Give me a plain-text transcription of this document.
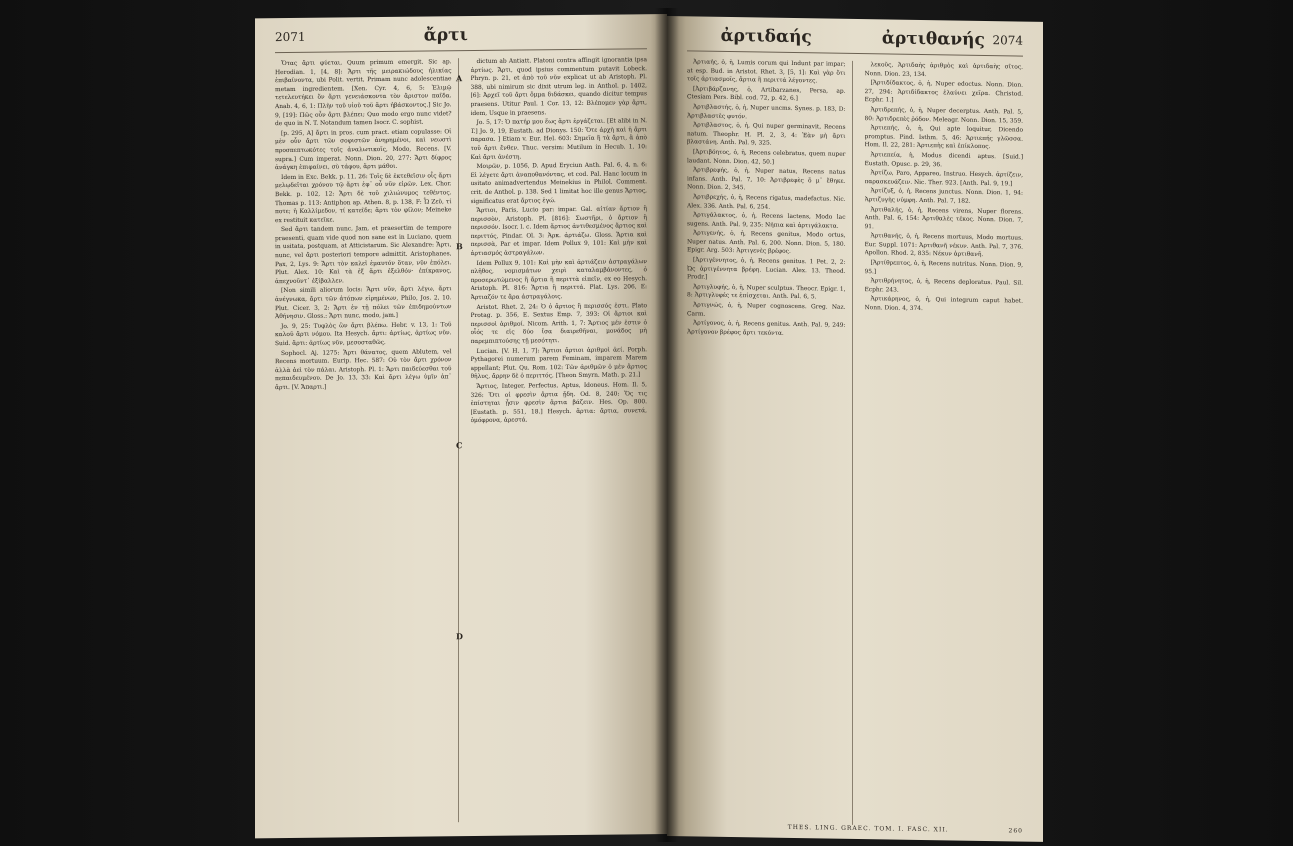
2071	ἄρτι

Ὅτας ἄρτι φύεται, Quum primum emergit. Sic ap. Herodian. 1, [4, 8]: Ἄρτι τῆς μειρακιώδους ἡλικίας ἐπιβαίνοντα, ubi Polit. vertit, Primam nunc adolescentiae metam ingredientem. [Xen. Cyr. 4, 6, 5: Ἐλιμῷ τετελευτήκει ὅν ἄρτι γενειάσκοντα τὸν ἄριστον παῖδα. Anab. 4, 6, 1: Πλὴν τοῦ υἱοῦ τοῦ ἄρτι ἡβάσκοντος.] Sic Jo. 9, [19]: Πῶς οὖν ἄρτι βλέπει; Quo modo ergo nunc videt? de quo in N. T. Notandum tamen Isocr. C. sophist.

[p. 295, A] ἄρτι in pros. cum pract. etiam copulasse: Οἱ μὲν οὖν ἄρτι τῶν σοφιστῶν ἀνηρημένοι, καὶ νεωστὶ προσπεπτωκότες τοῖς ἀναλωτικοῖς, Modo, Recens. [V. supra.] Cum imperat. Nonn. Dion. 20, 277: Ἄρτι δίφρος ἀνάγκη ἐπιφαίνει, σὺ τάφου, ἄρτι μάθοι.

Idem in Exc. Bekk. p. 11, 26: Τοῖς δὲ ἐκτεθεῖσιν οἷς ἄρτι μελῳδεῖται χρόνου τῷ ἄρτι ἐφ᾽ οὗ νῦν εἰρῶν. Lex. Chor. Bekk. p. 102, 12: Ἄρτι δὲ τοῦ χιλιώνυμος τεθέντος. Thomas p. 113: Antiphon ap. Athen. 8, p. 138, F: Ὦ Ζεῦ, τί ποτε; ἡ Καλλίμεδον, τί κατεῖδε; ἄρτι τὸν φίλον; Meineke ex restituit κατεῖκε.

Sed ἄρτι tandem nunc, Jam, et praesertim de tempore praesenti, quam vide quod non sane est in Luciano, quem in usitata, postquam, at Atticistarum. Sic Alexandre: Ἄρτι, nunc, vel ἄρτι posteriori tempore admittit. Aristophanes, Pax, 2, Lys. 9: Ἄρτι τὸν καλεῖ ἐμαυτόν ὅταν, νῦν ἐπόλει. Plut. Alex. 10: Καὶ τὰ ἐξ ἄρτι ἐξελθόν· ἐπίκρανος, ἀπεχνοῦντ᾽ ἐξίβαλλεν.

[Non simili aliorum locis: Ἄρτι νῦν, ἄρτι λέγω, ἄρτι ἀνέγνωκα, ἄρτι τῶν ἀτόπων εἰρημένων, Philo, Jos. 2, 10. Plut. Cicer. 3, 2: Ἄρτι ἐν τῇ πόλει τῶν ἐπιδημούντων Ἀθήνησιν. Gloss.: Ἄρτι nunc, modo, jam.]

Jo. 9, 25: Τυφλὸς ὢν ἄρτι βλέπω. Hebr. v. 13, 1: Τοῦ καλοῦ ἄρτι νόμου. Ita Hesych. ἄρτι: ἀρτίως, ἀρτίως νῦν. Suid. ἄρτι: ἀρτίως νῦν, μεσοσταθῶς.

Sophocl. Aj. 1275: Ἄρτι θάνατος, quem Ablutem, vel Recens mortuum. Eurip. Hec. 587: Οὐ τὸν ἄρτι χρόνον ἀλλὰ ἀεὶ τὸν πάλαι. Aristoph. Pl. 1: Ἄρτι παιδεύεσθαι τοῦ πεπαιδευμένου. De Jo. 13, 33: Καὶ ἄρτι λέγω ὑμῖν ἀπ᾽ ἄρτι. [V. Ἄπαρτι.]

dictum ab Antiatt. Platoni contra affingit ignorantia ipsa ἀρτίως. Ἄρτι, quod ipsius commentum putavit Lobeck. Phryn. p. 21, et ἀπὸ τοῦ νῦν explicat ut ab Aristoph. Pl. 388, ubi nimirum sic dixit utrum leg. in Anthol. p. 1402, [6]: Ἀρχεῖ τοῦ ἄρτι ὅμμα διδάσκει, quando dicitur tempus praesens. Utitur Paul. 1 Cor. 13, 12: Βλέπομεν γὰρ ἄρτι, idem, Usque in praesens.

Jo. 5, 17: Ὁ πατήρ μου ἕως ἄρτι ἐργάζεται. [Et alibi in N. T.] Jo. 9, 19, Eustath. ad Dionys. 150: Ὅτε ἀρχὴ καὶ ἡ ἄρτι παρασα. ] Etiam v. Eur. Hel. 603: Σημεῖα ἢ τὰ ἄρτι, ἃ ἀπὸ τοῦ ἄρτι ἔνθεν. Thuc. versim: Mutilum in Hecub. 1, 10: Καὶ ἄρτι ἀνέστη.

Μοιρῶν, p. 1056, D. Apud Eryciun Anth. Pal. 6, 4, n. 6: Εἰ λέγετε ἄρτι ἀναποθανόντας, et cod. Pal. Hanc locum in usitato animadvertendus Meinekius in Philol. Comment. crit. de Anthol. p. 138. Sed 1 limitat hoc ille genus Ἄρτιος, significatus erat ἄρτιος ἐγώ.

Ἄρτιοι, Paris, Lucio par: impar. Gal. αἰτίαν ἄρτιον ἢ περισσὸν, Aristoph. Pl. [816]: Σωστῆρι, ὁ ἄρτιον ἢ περισσόν. Isocr. l. c. Idem ἄρτιος ἀντιθεσμένος ἄρτιος καὶ περιττός, Pindar. Ol. 3: Ἀρκ. ἀρτιάζω. Gloss. Ἄρτια καὶ περισσὰ, Par et impar. Idem Pollux 9, 101: Καὶ μὴν καὶ ἀρτιασμός ἀστραγάλων.

Idem Pollux 9, 101: Καὶ μὴν καὶ ἀρτιάζειν ἀστραγάλων πλῆθος, νομισμάτων χειρὶ καταλαμβάνοντες, ὁ προσερωτώμενος ἢ ἄρτια ἢ περιττὰ εἰπεῖν, ex eo Hesych. Aristoph. Pl. 816: Ἄρτια ἢ περιττά. Plat. Lys. 206, E: Ἄρτιαζόν τε ἄρα ἀστραγάλοις.

Aristot. Rhet. 2, 24: Ὁ ὁ ἄρτιος ἢ περισσός ἐστι. Plato Protag. p. 356, E. Sextus Emp. 7, 393: Οἱ ἄρτιοι καὶ περισσοὶ ἀριθμοί. Nicom. Arith. 1, 7: Ἄρτιος μέν ἐστιν ὁ οἷός τε εἰς δύο ἴσα διαιρεθῆναι, μονάδος μὴ παρεμπιπτούσης τῇ μεσότητι.

Lucian. [V. H. 1, 7]: Ἄρτιοι ἄρτιοι ἀριθμοὶ ἀεί. Porph. Pythagorei numerum parem Feminam, imparem Marem appellant; Plut. Qu. Rom. 102: Τῶν ἀριθμῶν ὁ μὲν ἄρτιος θῆλυς, ἄρρην δὲ ὁ περιττός. [Theon Smyrn. Math. p. 21.]

Ἄρτιος, Integer, Perfectus, Aptus, Idoneus. Hom. Il. 5, 326: Ὅτι οἱ φρεσὶν ἄρτια ᾔδη. Od. 8, 240: Ὅς τις ἐπίστηται ᾗσιν φρεσὶν ἄρτια βάζειν. Hes. Op. 800. [Eustath. p. 551, 18.] Hesych. ἄρτια: ἄρτια, συνετά, ὁμόφρονα, ἀρεστά.

A
B
C
D
ἀρτιδαής	ἀρτιθανής 2074

Ἀρτιαής, ὁ, ἡ, Lumis corum qui Indunt par impar; at esp. Bud. in Aristot. Rhet. 3, [5, 1]: Καὶ γὰρ ὅτι τοῖς ἀρτιασμοῖς, ἄρτια ἢ περιττά λέγοντες.

[Ἀρτιβάρζανης, ὁ, Artibarzanes, Persa, ap. Ctesiam Pers. Bibl. cod. 72, p. 42, 6.]

Ἀρτιβλαστής, ὁ, ἡ, Nuper uncms. Synes. p. 183, D: Ἀρτιβλαστὲς φυτόν.

Ἀρτιβλαστος, ὁ, ἡ, Qui nuper germinavit, Recens natum. Theophr. H. Pl. 2, 3, 4: Ἐὰν μὴ ἄρτι βλαστάνη. Anth. Pal. 9, 325.

[Ἀρτιβόητος, ὁ, ἡ, Recens celebratus, quem nuper laudant. Nonn. Dion. 42, 50.]

Ἀρτιβρεφής, ὁ, ἡ, Nuper natus, Recens natus infans. Anth. Pal. 7, 10: Ἀρτιβρεφὲς ὅ μ᾽ ἔθηκε. Nonn. Dion. 2, 345.

Ἀρτιβρεχής, ὁ, ἡ, Recens rigatus, madefactus. Nic. Alex. 336. Anth. Pal. 6, 254.

Ἀρτιγάλακτος, ὁ, ἡ, Recens lactens, Modo lac sugens. Anth. Pal. 9, 235: Νήπια καὶ ἀρτιγάλακτα.

Ἀρτιγενής, ὁ, ἡ, Recens genitus, Modo ortus, Nuper natus. Anth. Pal. 6, 200. Nonn. Dion. 5, 180. Epigr. Arg. 503: Ἀρτιγενὲς βρέφος.

[Ἀρτιγέννητος, ὁ, ἡ, Recens genitus. 1 Pet. 2, 2: Ὡς ἀρτιγέννητα βρέφη. Lucian. Alex. 13. Theod. Prodr.]

Ἀρτιγλυφής, ὁ, ἡ, Nuper sculptus. Theocr. Epigr. 1, 8: Ἀρτιγλυφές τε ἐπίσχεται. Anth. Pal. 6, 5.

Ἀρτιγνώς, ὁ, ἡ, Nuper cognoscens. Greg. Naz. Carm.

Ἀρτίγονος, ὁ, ἡ, Recens genitus. Anth. Pal. 9, 249: Ἀρτίγονον βρέφος ἄρτι τεκόντα.

λεκοῦς, Ἀρτιδαὴς ἀριθμὸς καὶ ἀρτιδαὴς σῖτος. Nonn. Dion. 23, 134.

[Ἀρτιδίδακτος, ὁ, ἡ, Nuper edoctus. Nonn. Dion. 27, 294: Ἀρτιδίδακτος ἐλαύνει χεῖρα. Christod. Ecphr. 1.]

Ἀρτιδρεπής, ὁ, ἡ, Nuper decerptus. Anth. Pal. 5, 80: Ἀρτιδρεπὲς ῥόδον. Meleagr. Nonn. Dion. 15, 359.

Ἀρτιεπής, ὁ, ἡ, Qui apte loquitur, Dicendo promptus. Pind. Isthm. 5, 46: Ἀρτιεπής γλῶσσα. Hom. Il. 22, 281: Ἀρτιεπὴς καὶ ἐπίκλοπος.

Ἀρτιεπεία, ἡ, Modus dicendi aptus. [Suid.] Eustath. Opusc. p. 29, 36.

Ἀρτίζω, Paro, Appareo, Instruo. Hesych. ἀρτίζειν, παρασκευάζειν. Nic. Ther. 923. [Anth. Pal. 9, 19.]

Ἀρτίζυξ, ὁ, ἡ, Recens junctus. Nonn. Dion. 1, 94: Ἀρτιζυγὴς νύμφη. Anth. Pal. 7, 182.

Ἀρτιθαλής, ὁ, ἡ, Recens virens, Nuper florens. Anth. Pal. 6, 154: Ἀρτιθαλὲς τέκος. Nonn. Dion. 7, 91.

Ἀρτιθανής, ὁ, ἡ, Recens mortuus, Modo mortuus. Eur. Suppl. 1071: Ἀρτιθανῆ νέκυν. Anth. Pal. 7, 376. Apollon. Rhod. 2, 835: Νέκυν ἀρτιθανῆ.

[Ἀρτίθρεπτος, ὁ, ἡ, Recens nutritus. Nonn. Dion. 9, 95.]

Ἀρτιθρήνητος, ὁ, ἡ, Recens deploratus. Paul. Sil. Ecphr. 243.

Ἀρτικάρηνος, ὁ, ἡ, Qui integrum caput habet. Nonn. Dion. 4, 374.

THES. LING. GRAEC. TOM. I. FASC. XII.	260
